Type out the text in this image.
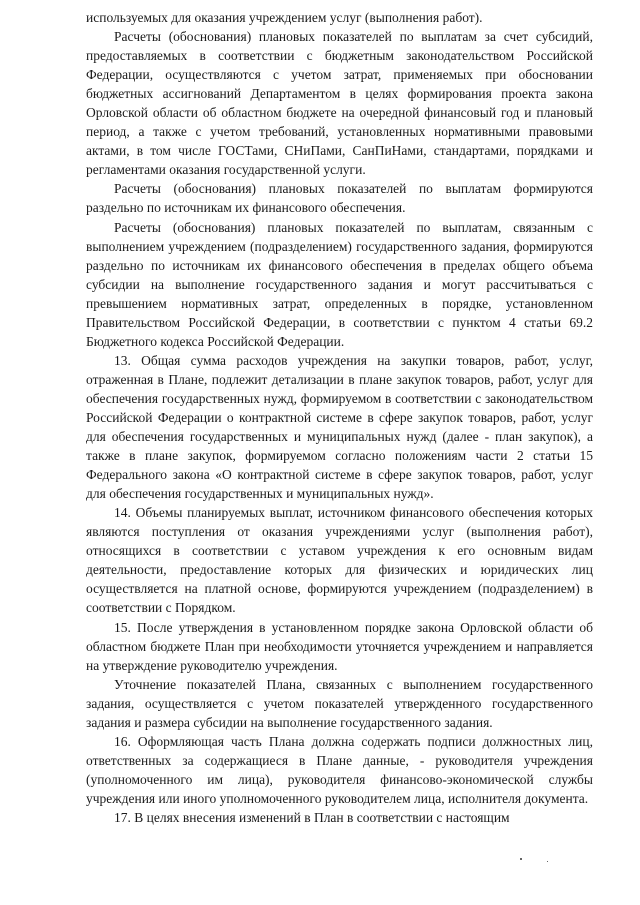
используемых для оказания учреждением услуг (выполнения работ).

Расчеты (обоснования) плановых показателей по выплатам за счет субсидий, предоставляемых в соответствии с бюджетным законодательством Российской Федерации, осуществляются с учетом затрат, применяемых при обосновании бюджетных ассигнований Департаментом в целях формирования проекта закона Орловской области об областном бюджете на очередной финансовый год и плановый период, а также с учетом требований, установленных нормативными правовыми актами, в том числе ГОСТами, СНиПами, СанПиНами, стандартами, порядками и регламентами оказания государственной услуги.

Расчеты (обоснования) плановых показателей по выплатам формируются раздельно по источникам их финансового обеспечения.

Расчеты (обоснования) плановых показателей по выплатам, связанным с выполнением учреждением (подразделением) государственного задания, формируются раздельно по источникам их финансового обеспечения в пределах общего объема субсидии на выполнение государственного задания и могут рассчитываться с превышением нормативных затрат, определенных в порядке, установленном Правительством Российской Федерации, в соответствии с пунктом 4 статьи 69.2 Бюджетного кодекса Российской Федерации.

13. Общая сумма расходов учреждения на закупки товаров, работ, услуг, отраженная в Плане, подлежит детализации в плане закупок товаров, работ, услуг для обеспечения государственных нужд, формируемом в соответствии с законодательством Российской Федерации о контрактной системе в сфере закупок товаров, работ, услуг для обеспечения государственных и муниципальных нужд (далее - план закупок), а также в плане закупок, формируемом согласно положениям части 2 статьи 15 Федерального закона «О контрактной системе в сфере закупок товаров, работ, услуг для обеспечения государственных и муниципальных нужд».

14. Объемы планируемых выплат, источником финансового обеспечения которых являются поступления от оказания учреждениями услуг (выполнения работ), относящихся в соответствии с уставом учреждения к его основным видам деятельности, предоставление которых для физических и юридических лиц осуществляется на платной основе, формируются учреждением (подразделением) в соответствии с Порядком.

15. После утверждения в установленном порядке закона Орловской области об областном бюджете План при необходимости уточняется учреждением и направляется на утверждение руководителю учреждения.

Уточнение показателей Плана, связанных с выполнением государственного задания, осуществляется с учетом показателей утвержденного государственного задания и размера субсидии на выполнение государственного задания.

16. Оформляющая часть Плана должна содержать подписи должностных лиц, ответственных за содержащиеся в Плане данные, - руководителя учреждения (уполномоченного им лица), руководителя финансово-экономической службы учреждения или иного уполномоченного руководителем лица, исполнителя документа.

17. В целях внесения изменений в План в соответствии с настоящим
